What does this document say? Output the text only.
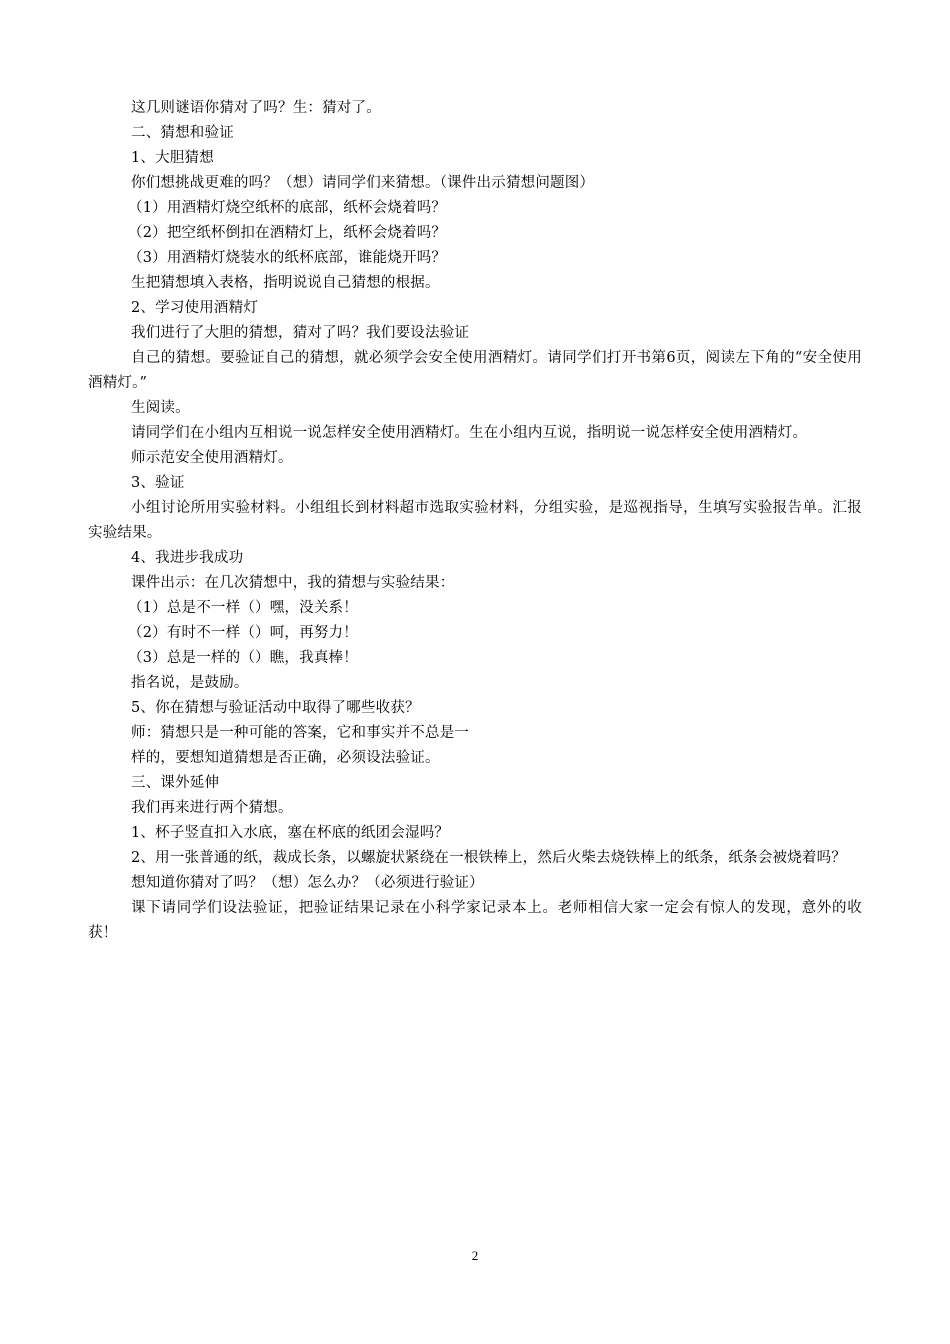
这几则谜语你猜对了吗？生：猜对了。

二、猜想和验证

1、大胆猜想

你们想挑战更难的吗？（想）请同学们来猜想。（课件出示猜想问题图）

（1）用酒精灯烧空纸杯的底部，纸杯会烧着吗？

（2）把空纸杯倒扣在酒精灯上，纸杯会烧着吗？

（3）用酒精灯烧装水的纸杯底部，谁能烧开吗？

生把猜想填入表格，指明说说自己猜想的根据。

2、学习使用酒精灯

我们进行了大胆的猜想，猜对了吗？我们要设法验证

自己的猜想。要验证自己的猜想，就必须学会安全使用酒精灯。请同学们打开书第6页，阅读左下角的“安全使用酒精灯。”

生阅读。

请同学们在小组内互相说一说怎样安全使用酒精灯。生在小组内互说，指明说一说怎样安全使用酒精灯。

师示范安全使用酒精灯。

3、验证

小组讨论所用实验材料。小组组长到材料超市选取实验材料，分组实验，是巡视指导，生填写实验报告单。汇报实验结果。

4、我进步我成功

课件出示：在几次猜想中，我的猜想与实验结果：

（1）总是不一样（）嘿，没关系！

（2）有时不一样（）呵，再努力！

（3）总是一样的（）瞧，我真棒！

指名说，是鼓励。

5、你在猜想与验证活动中取得了哪些收获？

师：猜想只是一种可能的答案，它和事实并不总是一

样的，要想知道猜想是否正确，必须设法验证。

三、课外延伸

我们再来进行两个猜想。

1、杯子竖直扣入水底，塞在杯底的纸团会湿吗？

2、用一张普通的纸，裁成长条，以螺旋状紧绕在一根铁棒上，然后火柴去烧铁棒上的纸条，纸条会被烧着吗？

想知道你猜对了吗？（想）怎么办？（必须进行验证）

课下请同学们设法验证，把验证结果记录在小科学家记录本上。老师相信大家一定会有惊人的发现，意外的收获！

2
